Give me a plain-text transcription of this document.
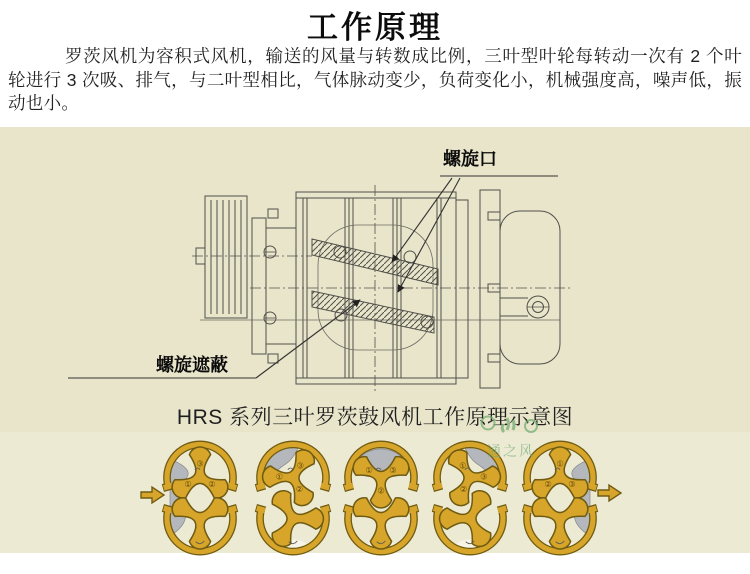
工作原理
罗茨风机为容积式风机，输送的风量与转数成比例，三叶型叶轮每转动一次有 2 个叶轮进行 3 次吸、排气，与二叶型相比，气体脉动变少，负荷变化小，机械强度高，噪声低，振动也小。
螺旋口
螺旋遮蔽
HRS 系列三叶罗茨鼓风机工作原理示意图
通之风
③
②
①
③
②
①
③
②
①
③
②
①
③
②
①
